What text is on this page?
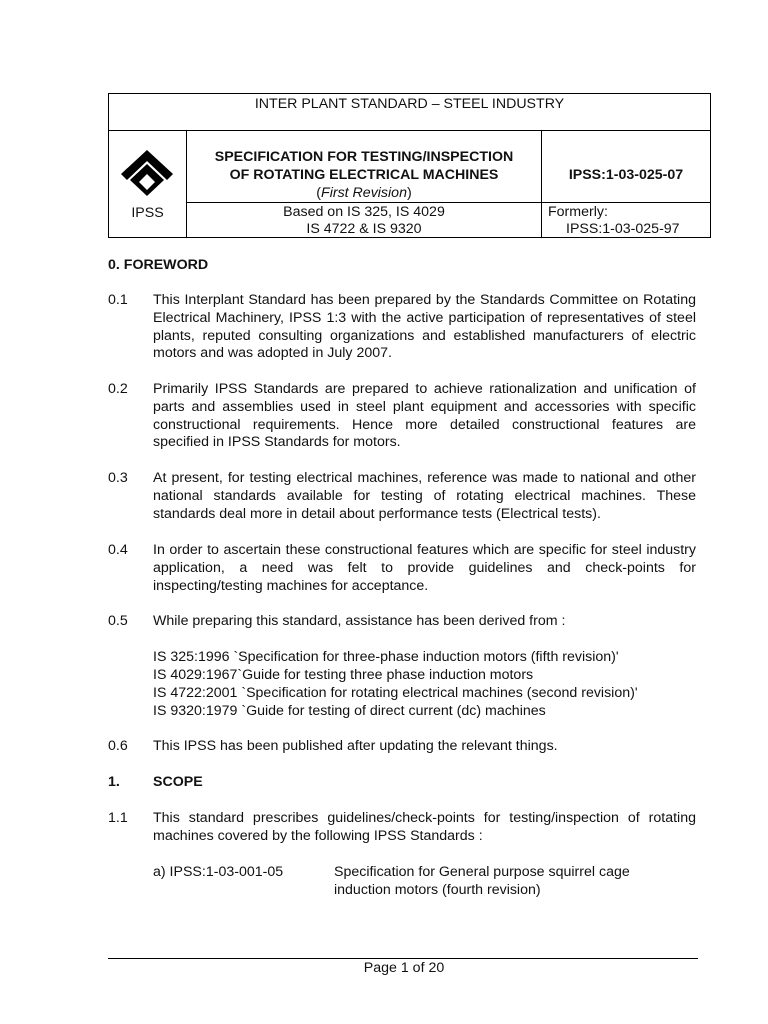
INTER PLANT STANDARD – STEEL INDUSTRY
IPSS
SPECIFICATION FOR TESTING/INSPECTION
OF ROTATING ELECTRICAL MACHINES
(First Revision)
IPSS:1-03-025-07
Based on IS 325, IS 4029
IS 4722 & IS 9320
Formerly:
IPSS:1-03-025-97
0. FOREWORD
0.1 This Interplant Standard has been prepared by the Standards Committee on Rotating Electrical Machinery, IPSS 1:3 with the active participation of representatives of steel plants, reputed consulting organizations and established manufacturers of electric motors and was adopted in July 2007.
0.2 Primarily IPSS Standards are prepared to achieve rationalization and unification of parts and assemblies used in steel plant equipment and accessories with specific constructional requirements. Hence more detailed constructional features are specified in IPSS Standards for motors.
0.3 At present, for testing electrical machines, reference was made to national and other national standards available for testing of rotating electrical machines. These standards deal more in detail about performance tests (Electrical tests).
0.4 In order to ascertain these constructional features which are specific for steel industry application, a need was felt to provide guidelines and check-points for inspecting/testing machines for acceptance.
0.5 While preparing this standard, assistance has been derived from :
IS 325:1996 `Specification for three-phase induction motors (fifth revision)'
IS 4029:1967`Guide for testing three phase induction motors
IS 4722:2001 `Specification for rotating electrical machines (second revision)'
IS 9320:1979 `Guide for testing of direct current (dc) machines
0.6 This IPSS has been published after updating the relevant things.
1. SCOPE
1.1 This standard prescribes guidelines/check-points for testing/inspection of rotating machines covered by the following IPSS Standards :
a) IPSS:1-03-001-05	Specification for General purpose squirrel cage
induction motors (fourth revision)
Page 1 of 20
